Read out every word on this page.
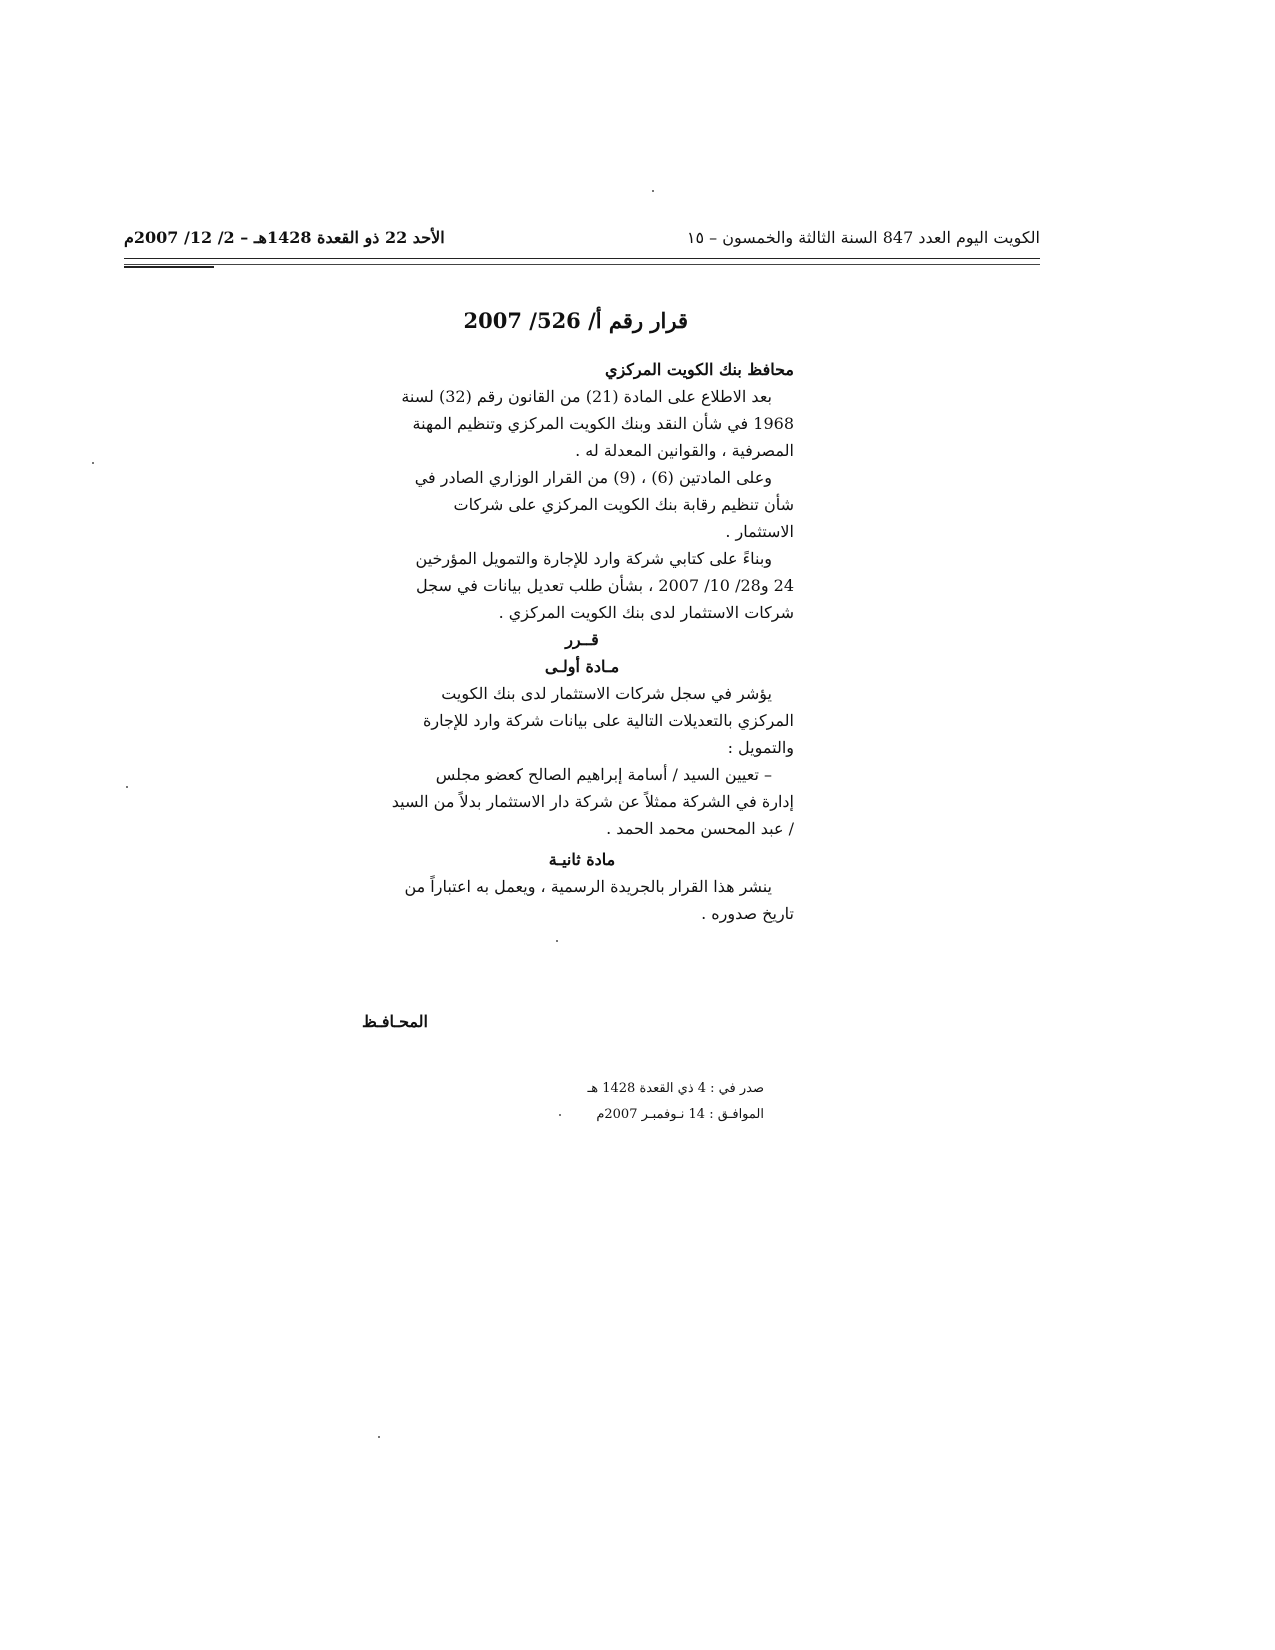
الكويت اليوم العدد 847 السنة الثالثة والخمسون – ١٥
الأحد 22 ذو القعدة 1428هـ – 2/ 12/ 2007م
قرار رقم أ/ 526/ 2007
محافظ بنك الكويت المركزي
بعد الاطلاع على المادة (21) من القانون رقم (32) لسنة
1968 في شأن النقد وبنك الكويت المركزي وتنظيم المهنة
المصرفية ، والقوانين المعدلة له .
وعلى المادتين (6) ، (9) من القرار الوزاري الصادر في
شأن تنظيم رقابة بنك الكويت المركزي على شركات
الاستثمار .
وبناءً على كتابي شركة وارد للإجارة والتمويل المؤرخين
24 و28/ 10/ 2007 ، بشأن طلب تعديل بيانات في سجل
شركات الاستثمار لدى بنك الكويت المركزي .
قــرر
مـادة أولـى
يؤشر في سجل شركات الاستثمار لدى بنك الكويت
المركزي بالتعديلات التالية على بيانات شركة وارد للإجارة
والتمويل :
– تعيين السيد / أسامة إبراهيم الصالح كعضو مجلس
إدارة في الشركة ممثلاً عن شركة دار الاستثمار بدلاً من السيد
/ عبد المحسن محمد الحمد .
مادة ثانيـة
ينشر هذا القرار بالجريدة الرسمية ، ويعمل به اعتباراً من
تاريخ صدوره .
المحـافـظ
صدر في : 4 ذي القعدة 1428 هـ
الموافـق : 14 نـوفمبـر 2007م
